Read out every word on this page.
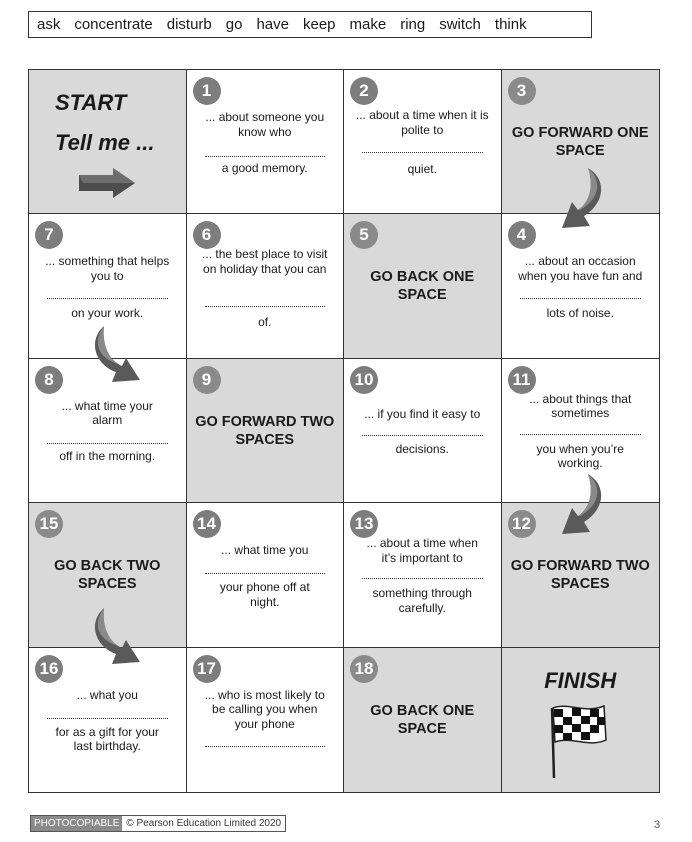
ask concentrate disturb go have keep make ring switch think
START
Tell me ...
1
... about someone you know who
a good memory.
2
... about a time when it is polite to
quiet.
3
GO FORWARD ONE SPACE
7
... something that helps you to
on your work.
6
... the best place to visit on holiday that you can
of.
5
GO BACK ONE SPACE
4
... about an occasion when you have fun and
lots of noise.
8
... what time your alarm
off in the morning.
9
GO FORWARD TWO SPACES
10
... if you find it easy to
decisions.
11
... about things that sometimes
you when you’re working.
15
GO BACK TWO SPACES
14
... what time you
your phone off at night.
13
... about a time when it’s important to
something through carefully.
12
GO FORWARD TWO SPACES
16
... what you
for as a gift for your last birthday.
17
... who is most likely to be calling you when your phone
18
GO BACK ONE SPACE
FINISH
PHOTOCOPIABLE © Pearson Education Limited 2020	3
